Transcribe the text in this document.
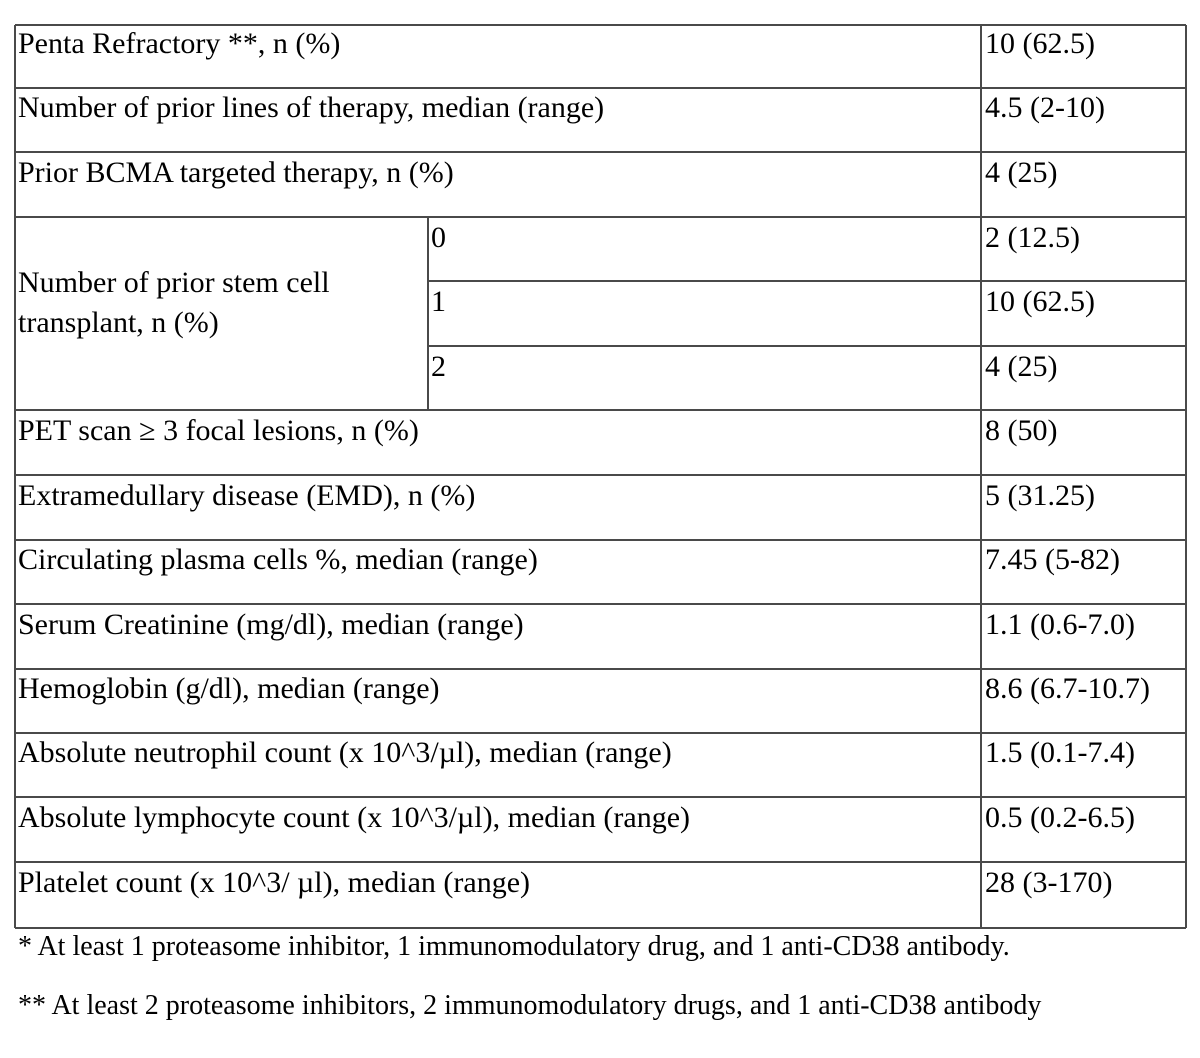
Penta Refractory **, n (%)	10 (62.5)
Number of prior lines of therapy, median (range)	4.5 (2-10)
Prior BCMA targeted therapy, n (%)	4 (25)
Number of prior stem cell transplant, n (%)
0	2 (12.5)
1	10 (62.5)
2	4 (25)
PET scan ≥ 3 focal lesions, n (%)	8 (50)
Extramedullary disease (EMD), n (%)	5 (31.25)
Circulating plasma cells %, median (range)	7.45 (5-82)
Serum Creatinine (mg/dl), median (range)	1.1 (0.6-7.0)
Hemoglobin (g/dl), median (range)	8.6 (6.7-10.7)
Absolute neutrophil count (x 10^3/µl), median (range)	1.5 (0.1-7.4)
Absolute lymphocyte count (x 10^3/µl), median (range)	0.5 (0.2-6.5)
Platelet count (x 10^3/ µl), median (range)	28 (3-170)
* At least 1 proteasome inhibitor, 1 immunomodulatory drug, and 1 anti-CD38 antibody.
** At least 2 proteasome inhibitors, 2 immunomodulatory drugs, and 1 anti-CD38 antibody
